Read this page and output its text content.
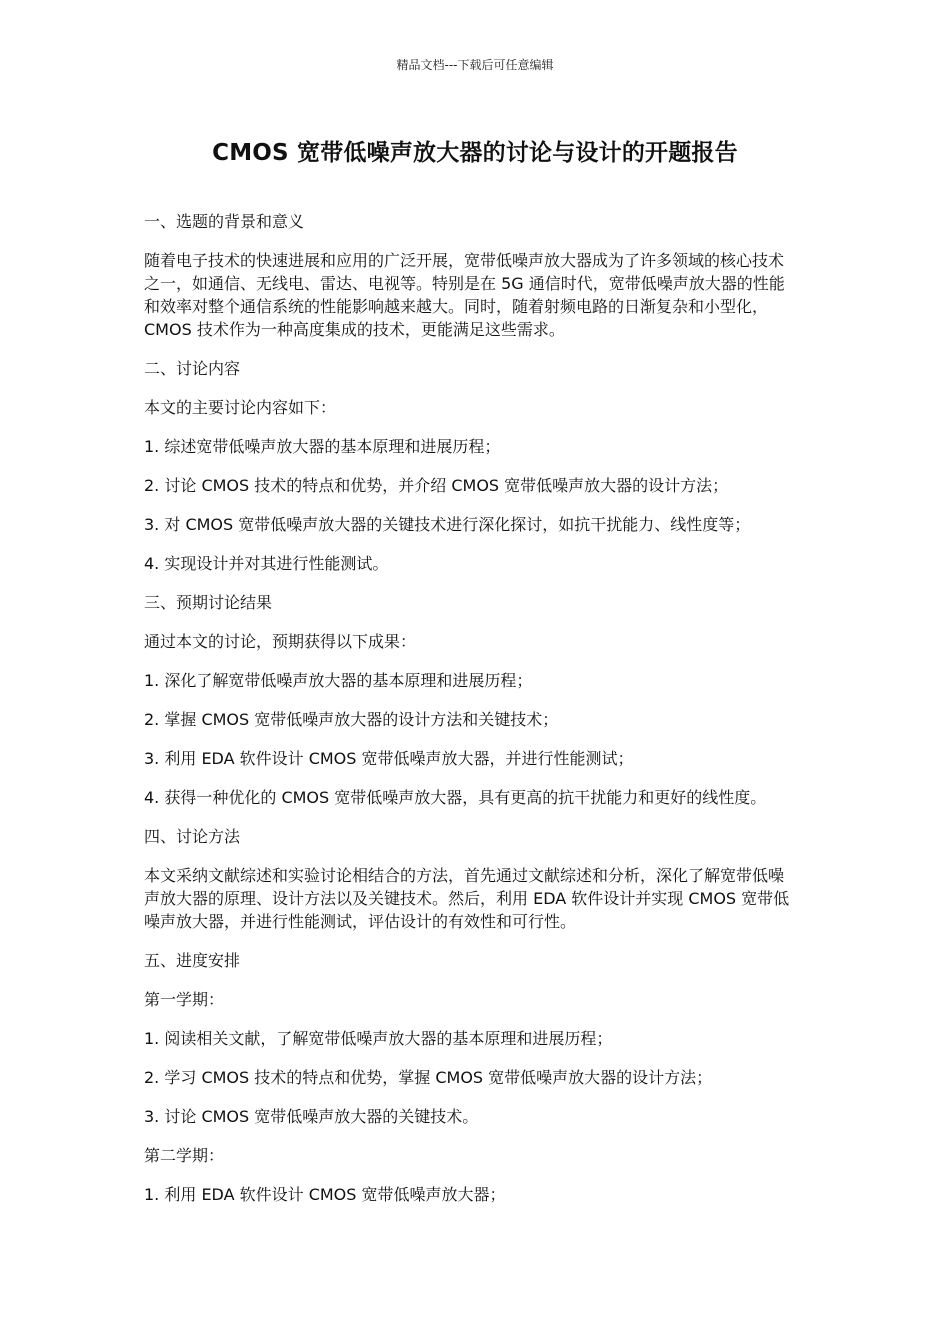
精品文档---下载后可任意编辑
CMOS 宽带低噪声放大器的讨论与设计的开题报告

一、选题的背景和意义

随着电子技术的快速进展和应用的广泛开展，宽带低噪声放大器成为了许多领域的核心技术之一，如通信、无线电、雷达、电视等。特别是在 5G 通信时代，宽带低噪声放大器的性能和效率对整个通信系统的性能影响越来越大。同时，随着射频电路的日渐复杂和小型化，CMOS 技术作为一种高度集成的技术，更能满足这些需求。

二、讨论内容

本文的主要讨论内容如下：

1. 综述宽带低噪声放大器的基本原理和进展历程；

2. 讨论 CMOS 技术的特点和优势，并介绍 CMOS 宽带低噪声放大器的设计方法；

3. 对 CMOS 宽带低噪声放大器的关键技术进行深化探讨，如抗干扰能力、线性度等；

4. 实现设计并对其进行性能测试。

三、预期讨论结果

通过本文的讨论，预期获得以下成果：

1. 深化了解宽带低噪声放大器的基本原理和进展历程；

2. 掌握 CMOS 宽带低噪声放大器的设计方法和关键技术；

3. 利用 EDA 软件设计 CMOS 宽带低噪声放大器，并进行性能测试；

4. 获得一种优化的 CMOS 宽带低噪声放大器，具有更高的抗干扰能力和更好的线性度。

四、讨论方法

本文采纳文献综述和实验讨论相结合的方法，首先通过文献综述和分析，深化了解宽带低噪声放大器的原理、设计方法以及关键技术。然后，利用 EDA 软件设计并实现 CMOS 宽带低噪声放大器，并进行性能测试，评估设计的有效性和可行性。

五、进度安排

第一学期：

1. 阅读相关文献，了解宽带低噪声放大器的基本原理和进展历程；

2. 学习 CMOS 技术的特点和优势，掌握 CMOS 宽带低噪声放大器的设计方法；

3. 讨论 CMOS 宽带低噪声放大器的关键技术。

第二学期：

1. 利用 EDA 软件设计 CMOS 宽带低噪声放大器；
